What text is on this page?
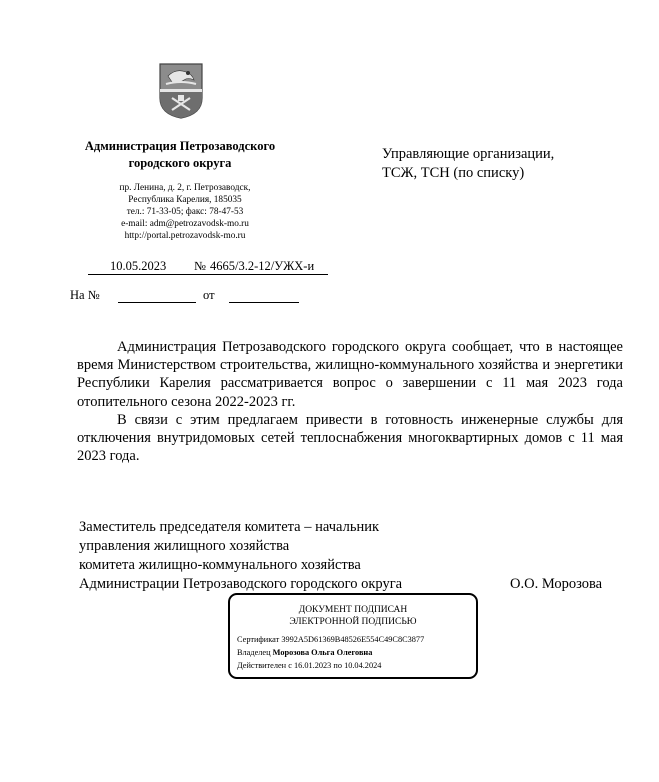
Администрация Петрозаводского
городского округа
пр. Ленина, д. 2, г. Петрозаводск,
Республика Карелия, 185035
тел.: 71-33-05; факс: 78-47-53
e-mail: adm@petrozavodsk-mo.ru
http://portal.petrozavodsk-mo.ru
Управляющие организации,
ТСЖ, ТСН (по списку)
10.05.2023 № 4665/3.2-12/УЖХ-и
На №	от

Администрация Петрозаводского городского округа сообщает, что в настоящее время Министерством строительства, жилищно-коммунального хозяйства и энергетики Республики Карелия рассматривается вопрос о завершении с 11 мая 2023 года отопительного сезона 2022-2023 гг.

В связи с этим предлагаем привести в готовность инженерные службы для отключения внутридомовых сетей теплоснабжения многоквартирных домов с 11 мая 2023 года.

Заместитель председателя комитета – начальник
управления жилищного хозяйства
комитета жилищно-коммунального хозяйства
Администрации Петрозаводского городского округа	О.О. Морозова
ДОКУМЕНТ ПОДПИСАН
ЭЛЕКТРОННОЙ ПОДПИСЬЮ
Сертификат 3992A5D61369B48526E554C49C8C3877
Владелец Морозова Ольга Олеговна
Действителен с 16.01.2023 по 10.04.2024
